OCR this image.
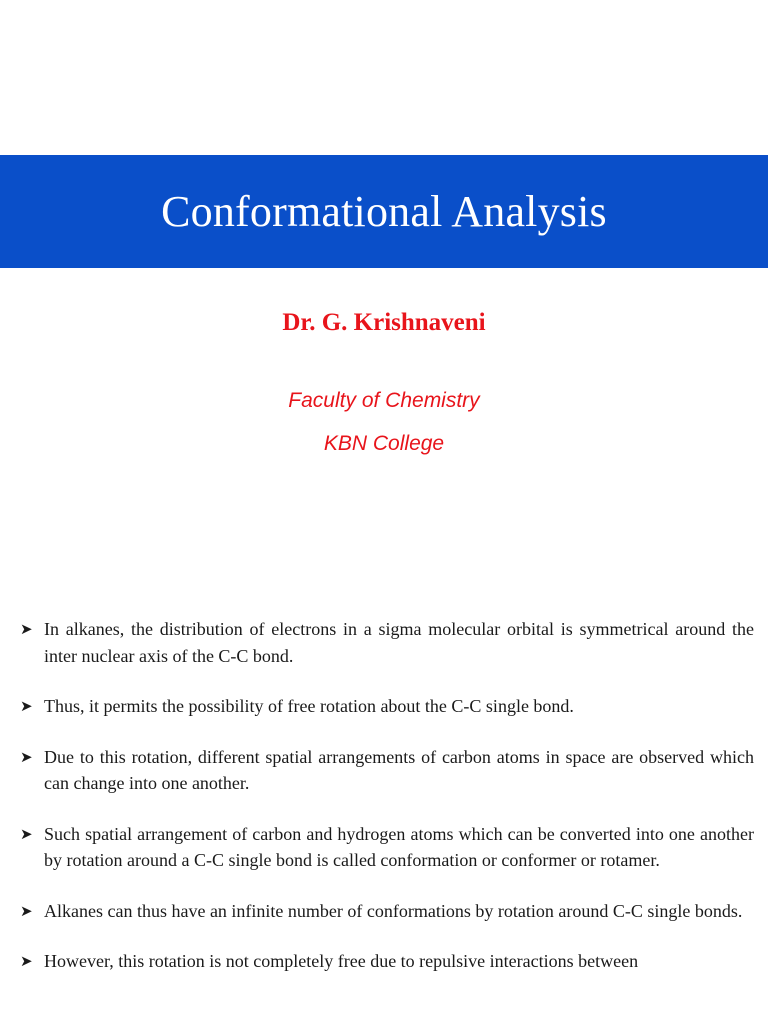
Conformational Analysis
Dr. G. Krishnaveni
Faculty of Chemistry
KBN College
➤ In alkanes, the distribution of electrons in a sigma molecular orbital is symmetrical around the inter nuclear axis of the C-C bond.
➤ Thus, it permits the possibility of free rotation about the C-C single bond.
➤ Due to this rotation, different spatial arrangements of carbon atoms in space are observed which can change into one another.
➤ Such spatial arrangement of carbon and hydrogen atoms which can be converted into one another by rotation around a C-C single bond is called conformation or conformer or rotamer.
➤ Alkanes can thus have an infinite number of conformations by rotation around C-C single bonds.
➤ However, this rotation is not completely free due to repulsive interactions between
